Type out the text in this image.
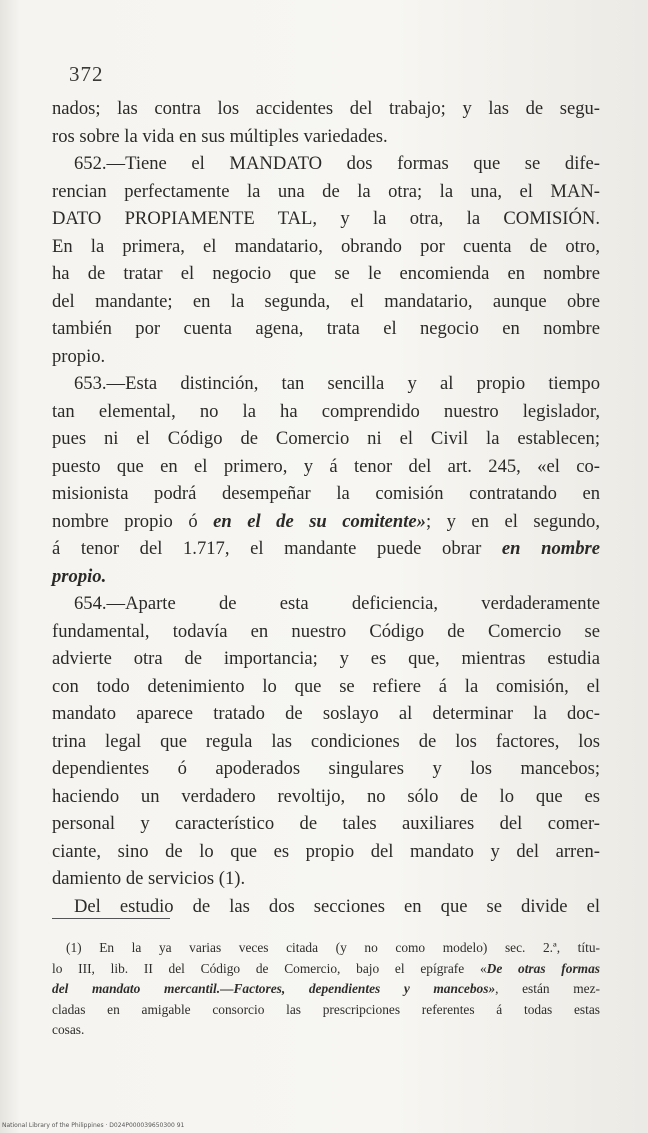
372
nados; las contra los accidentes del trabajo; y las de segu-
ros sobre la vida en sus múltiples variedades.
652.—Tiene el MANDATO dos formas que se dife-
rencian perfectamente la una de la otra; la una, el MAN-
DATO PROPIAMENTE TAL, y la otra, la COMISIÓN.
En la primera, el mandatario, obrando por cuenta de otro,
ha de tratar el negocio que se le encomienda en nombre
del mandante; en la segunda, el mandatario, aunque obre
también por cuenta agena, trata el negocio en nombre
propio.
653.—Esta distinción, tan sencilla y al propio tiempo
tan elemental, no la ha comprendido nuestro legislador,
pues ni el Código de Comercio ni el Civil la establecen;
puesto que en el primero, y á tenor del art. 245, «el co-
misionista podrá desempeñar la comisión contratando en
nombre propio ó en el de su comitente»; y en el segundo,
á tenor del 1.717, el mandante puede obrar en nombre
propio.
654.—Aparte de esta deficiencia, verdaderamente
fundamental, todavía en nuestro Código de Comercio se
advierte otra de importancia; y es que, mientras estudia
con todo detenimiento lo que se refiere á la comisión, el
mandato aparece tratado de soslayo al determinar la doc-
trina legal que regula las condiciones de los factores, los
dependientes ó apoderados singulares y los mancebos;
haciendo un verdadero revoltijo, no sólo de lo que es
personal y característico de tales auxiliares del comer-
ciante, sino de lo que es propio del mandato y del arren-
damiento de servicios (1).
Del estudio de las dos secciones en que se divide el
(1) En la ya varias veces citada (y no como modelo) sec. 2.ª, títu-
lo III, lib. II del Código de Comercio, bajo el epígrafe «De otras formas
del mandato mercantil.—Factores, dependientes y mancebos», están mez-
cladas en amigable consorcio las prescripciones referentes á todas estas
cosas.
National Library of the Philippines · D024P000039650300 91
